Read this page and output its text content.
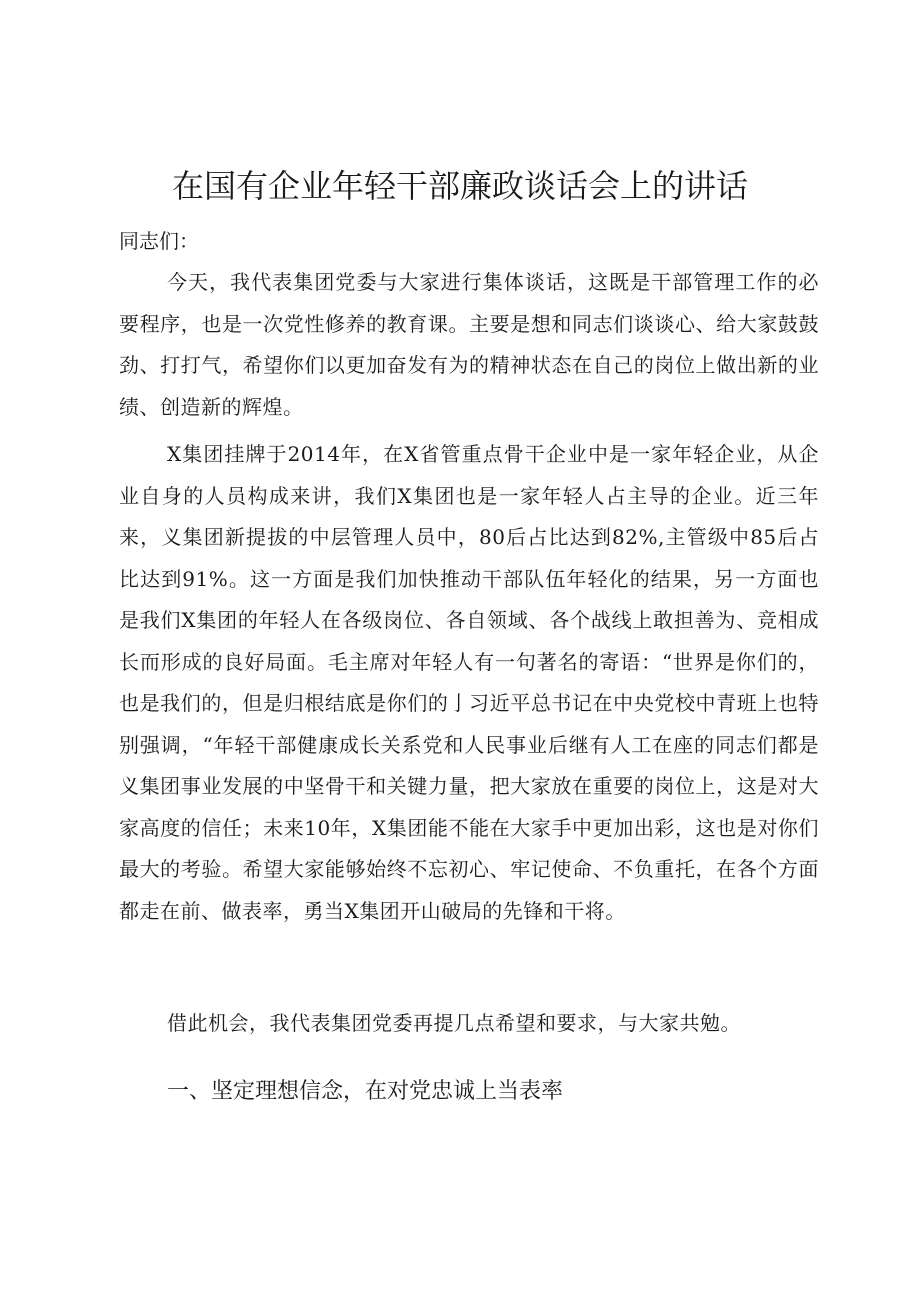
在国有企业年轻干部廉政谈话会上的讲话

同志们：

今天，我代表集团党委与大家进行集体谈话，这既是干部管理工作的必要程序，也是一次党性修养的教育课。主要是想和同志们谈谈心、给大家鼓鼓劲、打打气，希望你们以更加奋发有为的精神状态在自己的岗位上做出新的业绩、创造新的辉煌。

X集团挂牌于2014年，在X省管重点骨干企业中是一家年轻企业，从企业自身的人员构成来讲，我们X集团也是一家年轻人占主导的企业。近三年来，义集团新提拔的中层管理人员中，80后占比达到82%,主管级中85后占比达到91%。这一方面是我们加快推动干部队伍年轻化的结果，另一方面也是我们X集团的年轻人在各级岗位、各自领域、各个战线上敢担善为、竞相成长而形成的良好局面。毛主席对年轻人有一句著名的寄语：“世界是你们的，也是我们的，但是归根结底是你们的亅习近平总书记在中央党校中青班上也特别强调，“年轻干部健康成长关系党和人民事业后继有人工在座的同志们都是义集团事业发展的中坚骨干和关键力量，把大家放在重要的岗位上，这是对大家高度的信任；未来10年，X集团能不能在大家手中更加出彩，这也是对你们最大的考验。希望大家能够始终不忘初心、牢记使命、不负重托，在各个方面都走在前、做表率，勇当X集团开山破局的先锋和干将。

借此机会，我代表集团党委再提几点希望和要求，与大家共勉。

一、坚定理想信念，在对党忠诚上当表率
